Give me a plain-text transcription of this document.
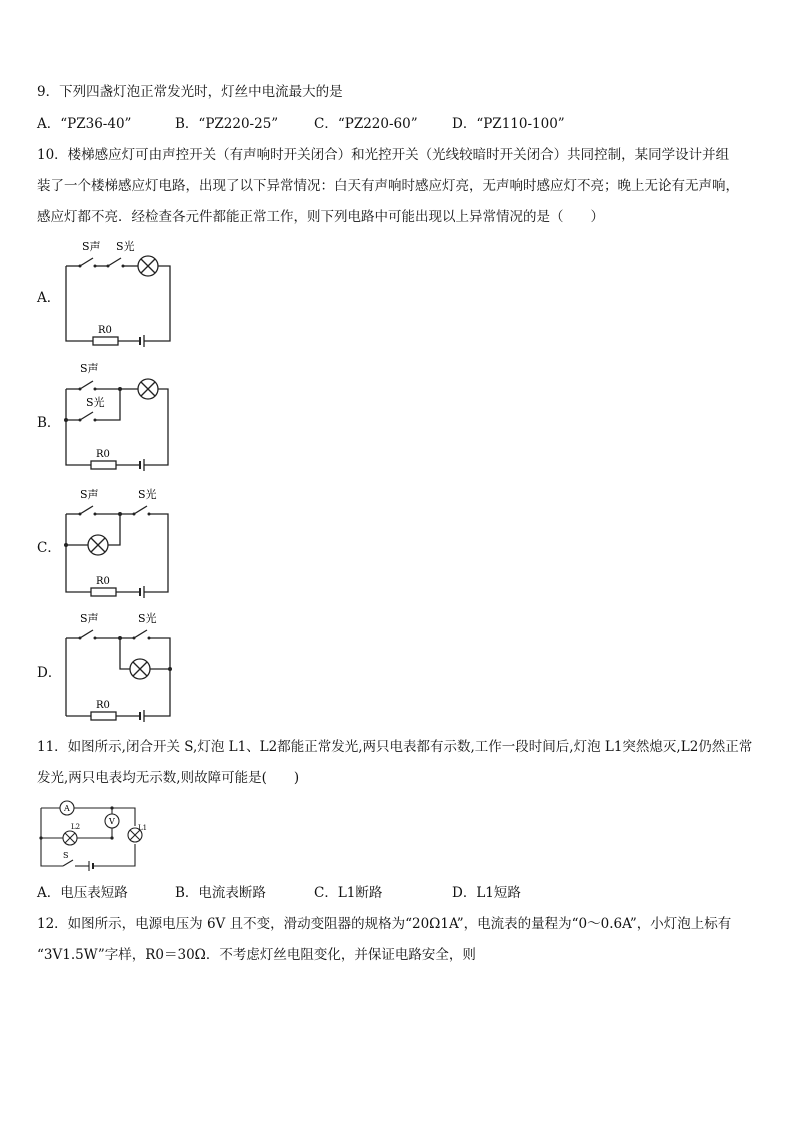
9．下列四盏灯泡正常发光时，灯丝中电流最大的是
A．“PZ36-40”	B．“PZ220-25”	C．“PZ220-60”	D．“PZ110-100”
10．楼梯感应灯可由声控开关（有声响时开关闭合）和光控开关（光线较暗时开关闭合）共同控制，某同学设计并组
装了一个楼梯感应灯电路，出现了以下异常情况：白天有声响时感应灯亮，无声响时感应灯不亮；晚上无论有无声响，
感应灯都不亮．经检查各元件都能正常工作，则下列电路中可能出现以上异常情况的是（　　）
A．
S声 S光
R0
B．
S声
S光
R0
C．
S声	S光
R0
D．
S声	S光
R0
11．如图所示,闭合开关 S,灯泡 L1、L2都能正常发光,两只电表都有示数,工作一段时间后,灯泡 L1突然熄灭,L2仍然正常
发光,两只电表均无示数,则故障可能是(　　)
A
V
L1
L2
S
A．电压表短路	B．电流表断路	C．L1断路	D．L1短路
12．如图所示，电源电压为 6V 且不变，滑动变阻器的规格为“20Ω1A”，电流表的量程为“0～0.6A”，小灯泡上标有
“3V1.5W”字样，R0＝30Ω．不考虑灯丝电阻变化，并保证电路安全，则
